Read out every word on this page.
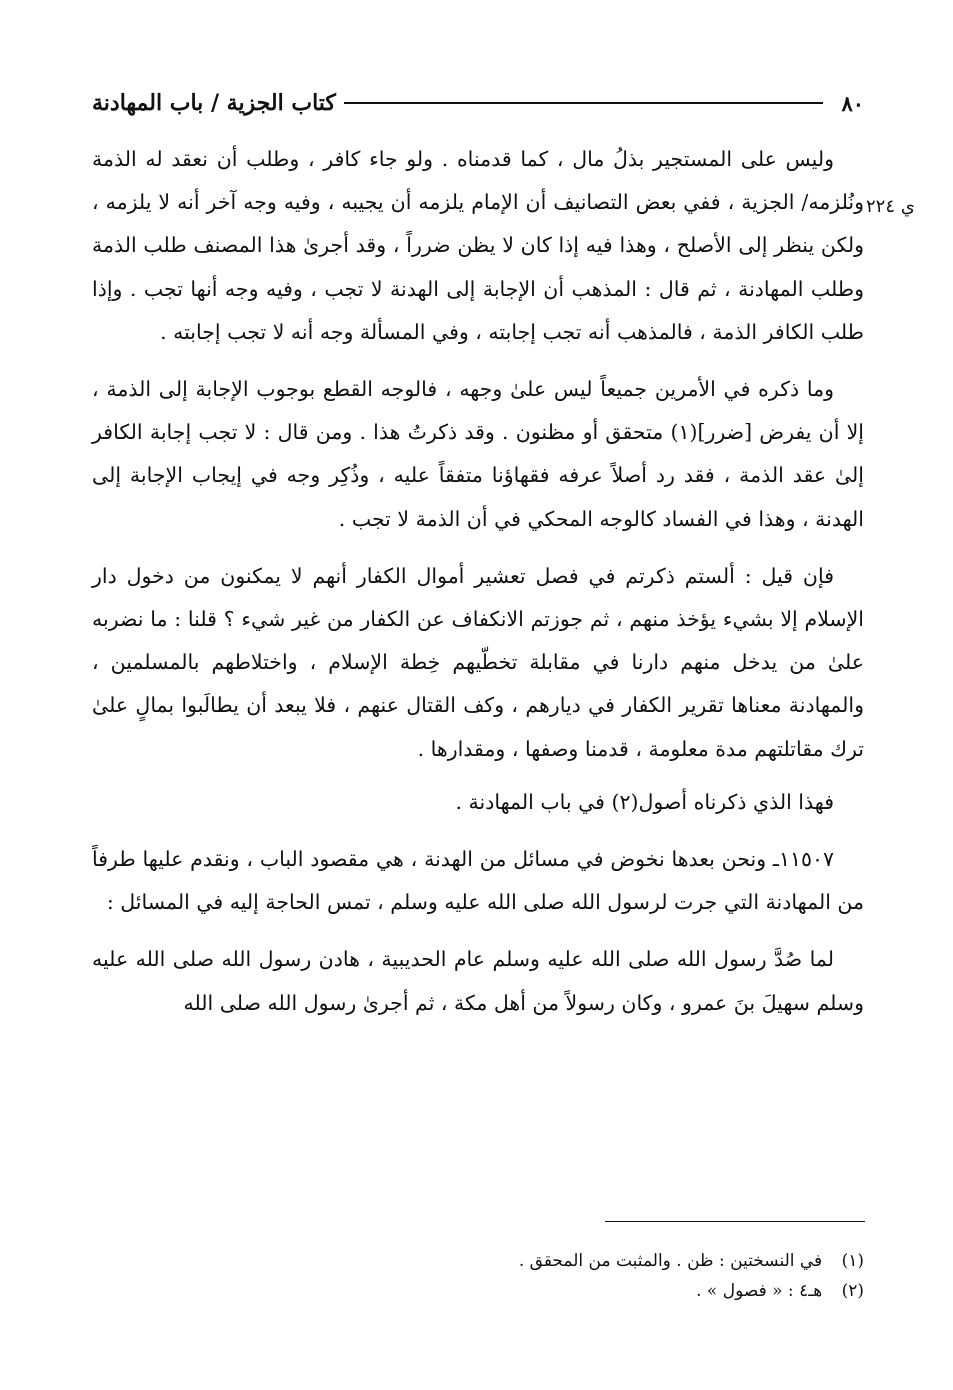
٨٠
كتاب الجزية / باب المهادنة
ي ٢٢٤

وليس على المستجير بذلُ مال ، كما قدمناه . ولو جاء كافر ، وطلب أن نعقد له الذمة ونُلزمه/ الجزية ، ففي بعض التصانيف أن الإمام يلزمه أن يجيبه ، وفيه وجه آخر أنه لا يلزمه ، ولكن ينظر إلى الأصلح ، وهذا فيه إذا كان لا يظن ضرراً ، وقد أجرىٰ هذا المصنف طلب الذمة وطلب المهادنة ، ثم قال : المذهب أن الإجابة إلى الهدنة لا تجب ، وفيه وجه أنها تجب . وإذا طلب الكافر الذمة ، فالمذهب أنه تجب إجابته ، وفي المسألة وجه أنه لا تجب إجابته .

وما ذكره في الأمرين جميعاً ليس علىٰ وجهه ، فالوجه القطع بوجوب الإجابة إلى الذمة ، إلا أن يفرض [ضرر](١) متحقق أو مظنون . وقد ذكرتُ هذا . ومن قال : لا تجب إجابة الكافر إلىٰ عقد الذمة ، فقد رد أصلاً عرفه فقهاؤنا متفقاً عليه ، وذُكِر وجه في إيجاب الإجابة إلى الهدنة ، وهذا في الفساد كالوجه المحكي في أن الذمة لا تجب .

فإن قيل : ألستم ذكرتم في فصل تعشير أموال الكفار أنهم لا يمكنون من دخول دار الإسلام إلا بشيء يؤخذ منهم ، ثم جوزتم الانكفاف عن الكفار من غير شيء ؟ قلنا : ما نضربه علىٰ من يدخل منهم دارنا في مقابلة تخطّيهم خِطة الإسلام ، واختلاطهم بالمسلمين ، والمهادنة معناها تقرير الكفار في ديارهم ، وكف القتال عنهم ، فلا يبعد أن يطالَبوا بمالٍ علىٰ ترك مقاتلتهم مدة معلومة ، قدمنا وصفها ، ومقدارها .

فهذا الذي ذكرناه أصول(٢) في باب المهادنة .

١١٥٠٧ـ ونحن بعدها نخوض في مسائل من الهدنة ، هي مقصود الباب ، ونقدم عليها طرفاً من المهادنة التي جرت لرسول الله صلى الله عليه وسلم ، تمس الحاجة إليه في المسائل :

لما صُدَّ رسول الله صلى الله عليه وسلم عام الحديبية ، هادن رسول الله صلى الله عليه وسلم سهيلَ بنَ عمرو ، وكان رسولاً من أهل مكة ، ثم أجرىٰ رسول الله صلى الله

(١) في النسختين : ظن . والمثبت من المحقق .
(٢) هـ٤ : « فصول » .
